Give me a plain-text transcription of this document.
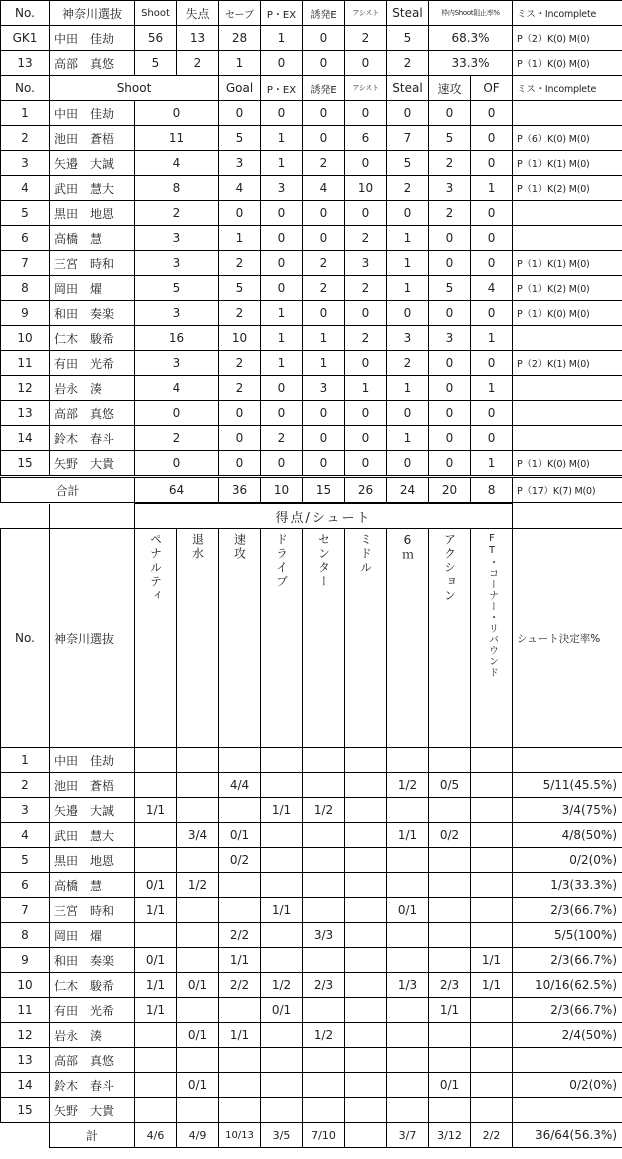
No.	神奈川選抜	Shoot	失点	セーブ	P・EX	誘発E	アシスト	Steal	枠内Shoot阻止率%		ミス・Incomplete
GK1	中田　佳劫	56	13	28	1	0	2	5	68.3%		P（2）K(0) M(0)
13	高部　真悠	5	2	1	0	0	0	2	33.3%		P（1）K(0) M(0)
No.	Shoot			Goal	P・EX	誘発E	アシスト	Steal	速攻	OF	ミス・Incomplete
1	中田　佳劫	0		0	0	0	0	0	0	0	
2	池田　蒼梧	11		5	1	0	6	7	5	0	P（6）K(0) M(0)
3	矢邉　大誠	4		3	1	2	0	5	2	0	P（1）K(1) M(0)
4	武田　慧大	8		4	3	4	10	2	3	1	P（1）K(2) M(0)
5	黒田　地恩	2		0	0	0	0	0	2	0	
6	高橋　慧	3		1	0	0	2	1	0	0	
7	三宮　時和	3		2	0	2	3	1	0	0	P（1）K(1) M(0)
8	岡田　燿	5		5	0	2	2	1	5	4	P（1）K(2) M(0)
9	和田　奏楽	3		2	1	0	0	0	0	0	P（1）K(0) M(0)
10	仁木　駿希	16		10	1	1	2	3	3	1	
11	有田　光希	3		2	1	1	0	2	0	0	P（2）K(1) M(0)
12	岩永　湊	4		2	0	3	1	1	0	1	
13	高部　真悠	0		0	0	0	0	0	0	0	
14	鈴木　春斗	2		0	2	0	0	1	0	0	
15	矢野　大貴	0		0	0	0	0	0	0	1	P（1）K(0) M(0)
合計		64		36	10	15	26	24	20	8	P（17）K(7) M(0)
		得点/シュート									
No.	神奈川選抜	ペナルティ	退水	速攻	ドライブ	センター	ミドル	6ｍ	アクション	FT・コーナー・リバウンド	シュート決定率%
1	中田　佳劫										
2	池田　蒼梧			4/4				1/2	0/5		5/11(45.5%)
3	矢邉　大誠	1/1			1/1	1/2					3/4(75%)
4	武田　慧大		3/4	0/1				1/1	0/2		4/8(50%)
5	黒田　地恩			0/2							0/2(0%)
6	高橋　慧	0/1	1/2								1/3(33.3%)
7	三宮　時和	1/1			1/1			0/1			2/3(66.7%)
8	岡田　燿			2/2		3/3					5/5(100%)
9	和田　奏楽	0/1		1/1						1/1	2/3(66.7%)
10	仁木　駿希	1/1	0/1	2/2	1/2	2/3		1/3	2/3	1/1	10/16(62.5%)
11	有田　光希	1/1			0/1				1/1		2/3(66.7%)
12	岩永　湊		0/1	1/1		1/2					2/4(50%)
13	高部　真悠										
14	鈴木　春斗		0/1						0/1		0/2(0%)
15	矢野　大貴										
	計	4/6	4/9	10/13	3/5	7/10		3/7	3/12	2/2	36/64(56.3%)
